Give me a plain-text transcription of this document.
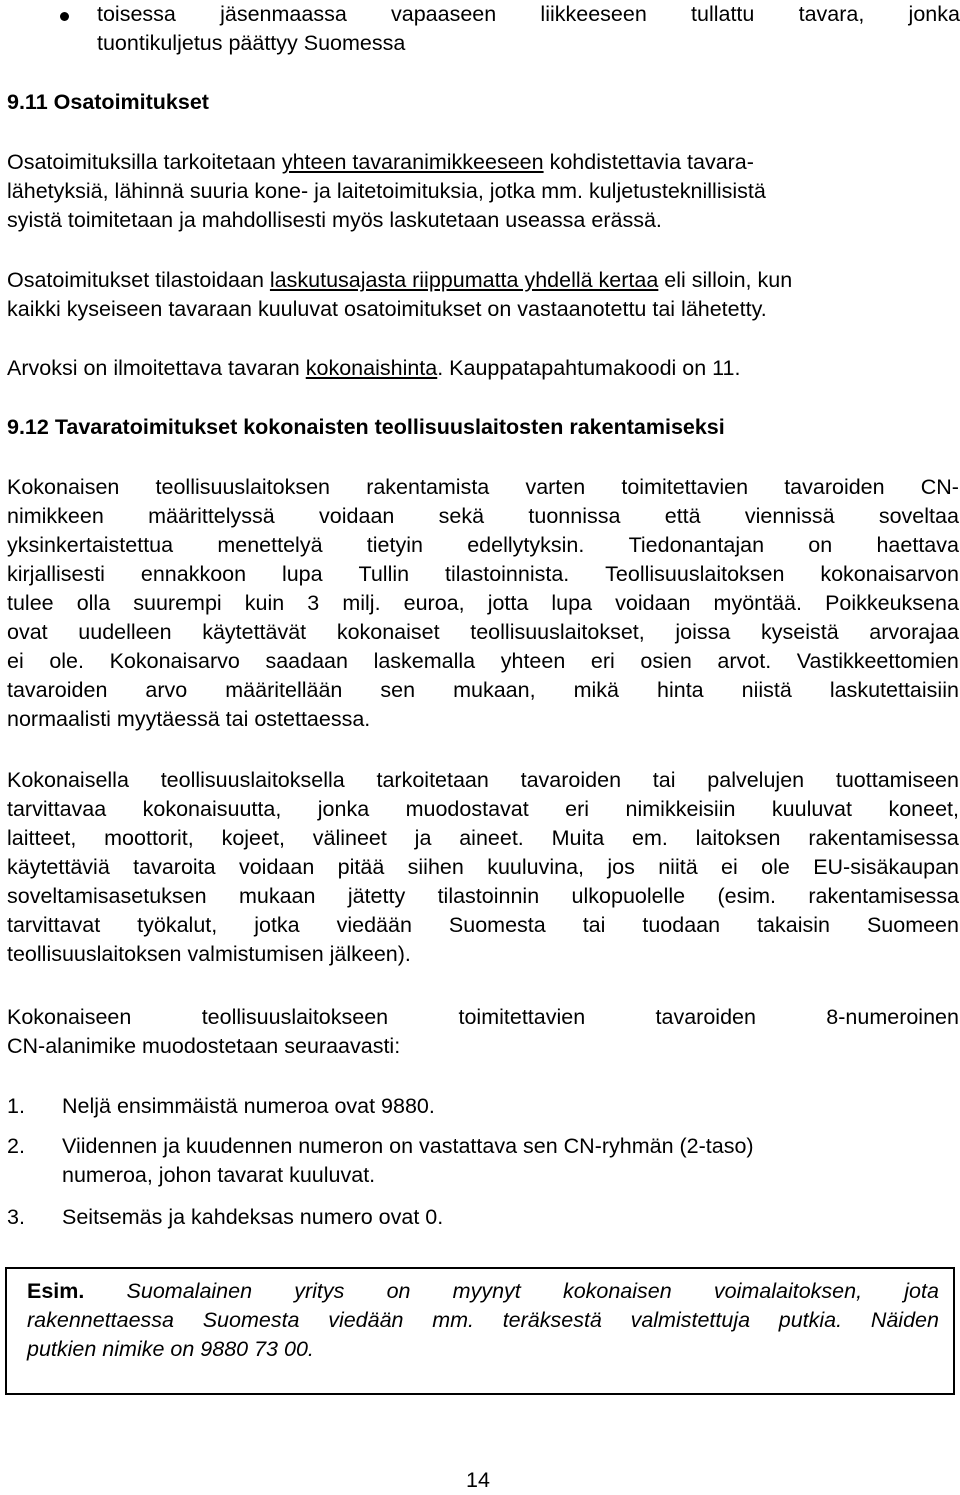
toisessa jäsenmaassa vapaaseen liikkeeseen tullattu tavara, jonka
tuontikuljetus päättyy Suomessa
9.11 Osatoimitukset
Osatoimituksilla tarkoitetaan yhteen tavaranimikkeeseen kohdistettavia tavara-
lähetyksiä, lähinnä suuria kone- ja laitetoimituksia, jotka mm. kuljetusteknillisistä
syistä toimitetaan ja mahdollisesti myös laskutetaan useassa erässä.
Osatoimitukset tilastoidaan laskutusajasta riippumatta yhdellä kertaa eli silloin, kun
kaikki kyseiseen tavaraan kuuluvat osatoimitukset on vastaanotettu tai lähetetty.
Arvoksi on ilmoitettava tavaran kokonaishinta. Kauppatapahtumakoodi on 11.
9.12 Tavaratoimitukset kokonaisten teollisuuslaitosten rakentamiseksi
Kokonaisen teollisuuslaitoksen rakentamista varten toimitettavien tavaroiden CN-
nimikkeen määrittelyssä voidaan sekä tuonnissa että viennissä soveltaa
yksinkertaistettua menettelyä tietyin edellytyksin. Tiedonantajan on haettava
kirjallisesti ennakkoon lupa Tullin tilastoinnista. Teollisuuslaitoksen kokonaisarvon
tulee olla suurempi kuin 3 milj. euroa, jotta lupa voidaan myöntää. Poikkeuksena
ovat uudelleen käytettävät kokonaiset teollisuuslaitokset, joissa kyseistä arvorajaa
ei ole. Kokonaisarvo saadaan laskemalla yhteen eri osien arvot. Vastikkeettomien
tavaroiden arvo määritellään sen mukaan, mikä hinta niistä laskutettaisiin
normaalisti myytäessä tai ostettaessa.
Kokonaisella teollisuuslaitoksella tarkoitetaan tavaroiden tai palvelujen tuottamiseen
tarvittavaa kokonaisuutta, jonka muodostavat eri nimikkeisiin kuuluvat koneet,
laitteet, moottorit, kojeet, välineet ja aineet. Muita em. laitoksen rakentamisessa
käytettäviä tavaroita voidaan pitää siihen kuuluvina, jos niitä ei ole EU-sisäkaupan
soveltamisasetuksen mukaan jätetty tilastoinnin ulkopuolelle (esim. rakentamisessa
tarvittavat työkalut, jotka viedään Suomesta tai tuodaan takaisin Suomeen
teollisuuslaitoksen valmistumisen jälkeen).
Kokonaiseen	teollisuuslaitokseen	toimitettavien	tavaroiden	8-numeroinen
CN-alanimike muodostetaan seuraavasti:
1. Neljä ensimmäistä numeroa ovat 9880.
2. Viidennen ja kuudennen numeron on vastattava sen CN-ryhmän (2-taso)
numeroa, johon tavarat kuuluvat.
3. Seitsemäs ja kahdeksas numero ovat 0.
Esim. Suomalainen yritys on myynyt kokonaisen voimalaitoksen, jota
rakennettaessa Suomesta viedään mm. teräksestä valmistettuja putkia. Näiden
putkien nimike on 9880 73 00.
14
